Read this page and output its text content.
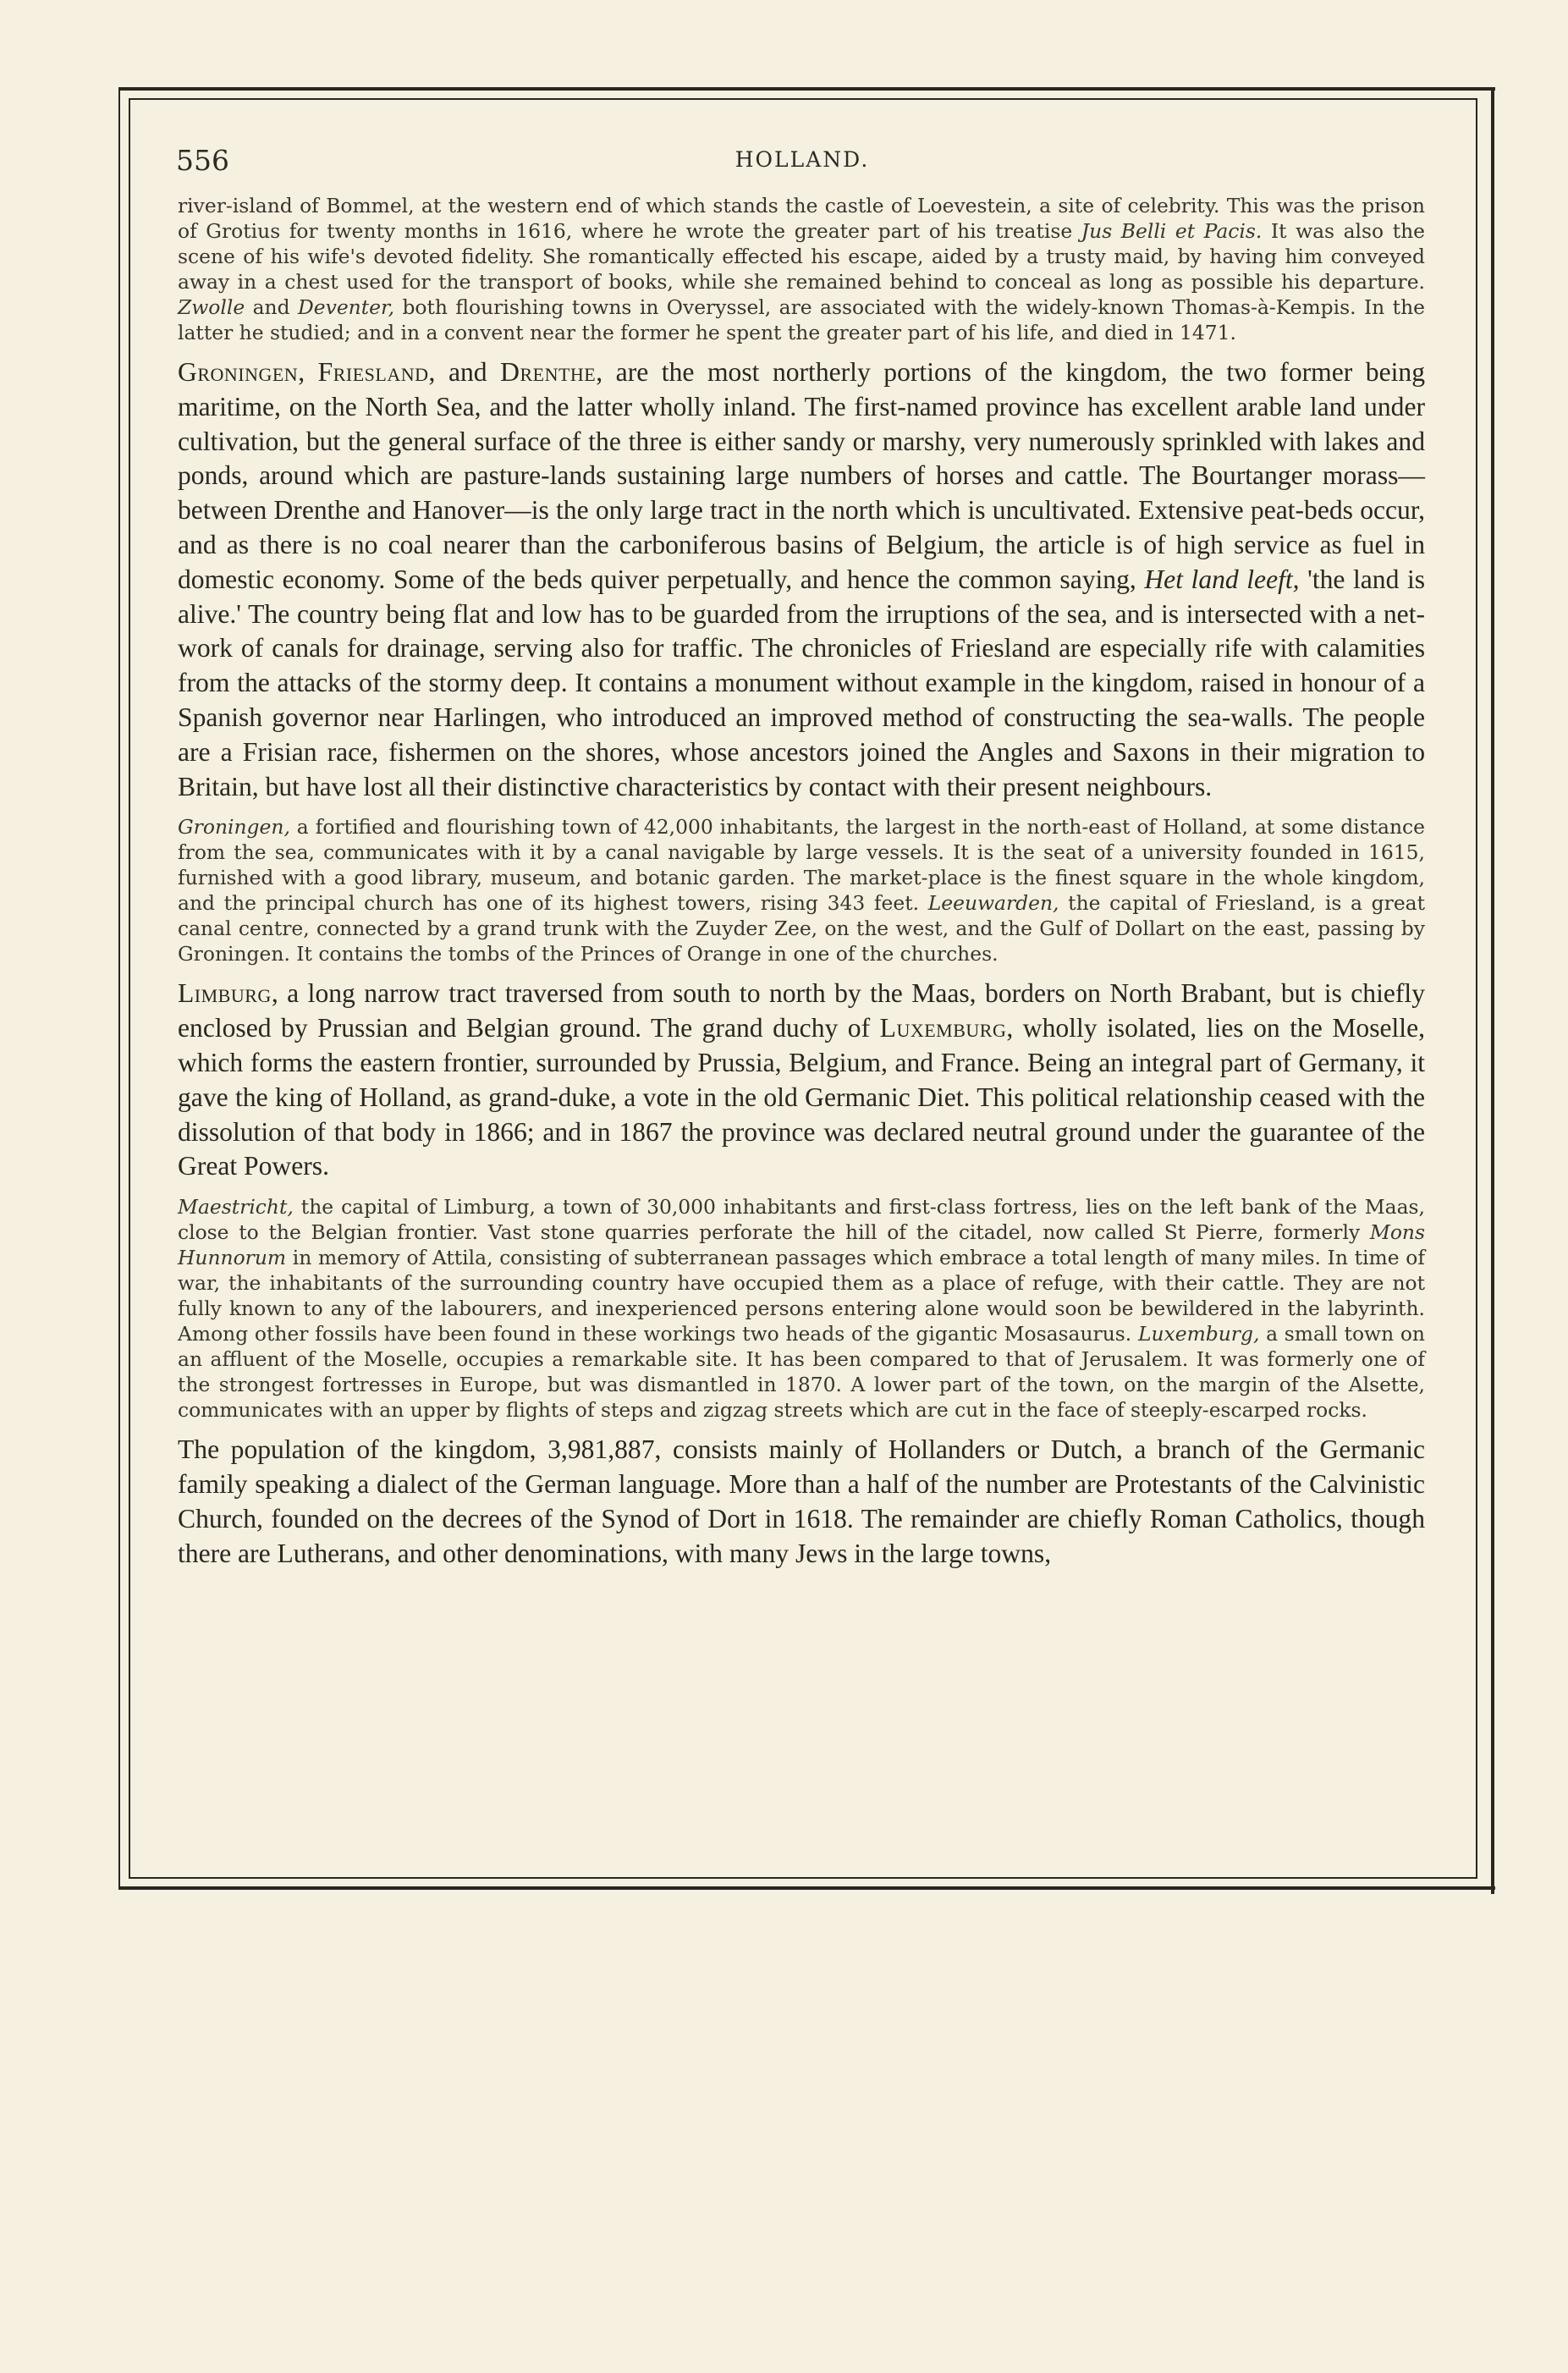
556	HOLLAND.

river-island of Bommel, at the western end of which stands the castle of Loevestein, a site of celebrity. This was the prison of Grotius for twenty months in 1616, where he wrote the greater part of his treatise Jus Belli et Pacis. It was also the scene of his wife's devoted fidelity. She romantically effected his escape, aided by a trusty maid, by having him conveyed away in a chest used for the transport of books, while she remained behind to conceal as long as possible his departure. Zwolle and Deventer, both flourishing towns in Overyssel, are associated with the widely-known Thomas-à-Kempis. In the latter he studied; and in a convent near the former he spent the greater part of his life, and died in 1471.

Groningen, Friesland, and Drenthe, are the most northerly portions of the kingdom, the two former being maritime, on the North Sea, and the latter wholly inland. The first-named province has excellent arable land under cultivation, but the general surface of the three is either sandy or marshy, very numerously sprinkled with lakes and ponds, around which are pasture-lands sustaining large numbers of horses and cattle. The Bourtanger morass—between Drenthe and Hanover—is the only large tract in the north which is uncultivated. Extensive peat-beds occur, and as there is no coal nearer than the carboniferous basins of Belgium, the article is of high service as fuel in domestic economy. Some of the beds quiver perpetually, and hence the common saying, Het land leeft, 'the land is alive.' The country being flat and low has to be guarded from the irruptions of the sea, and is intersected with a net-work of canals for drainage, serving also for traffic. The chronicles of Friesland are especially rife with calamities from the attacks of the stormy deep. It contains a monument without example in the kingdom, raised in honour of a Spanish governor near Harlingen, who introduced an improved method of constructing the sea-walls. The people are a Frisian race, fishermen on the shores, whose ancestors joined the Angles and Saxons in their migration to Britain, but have lost all their distinctive characteristics by contact with their present neighbours.

Groningen, a fortified and flourishing town of 42,000 inhabitants, the largest in the north-east of Holland, at some distance from the sea, communicates with it by a canal navigable by large vessels. It is the seat of a university founded in 1615, furnished with a good library, museum, and botanic garden. The market-place is the finest square in the whole kingdom, and the principal church has one of its highest towers, rising 343 feet. Leeuwarden, the capital of Friesland, is a great canal centre, connected by a grand trunk with the Zuyder Zee, on the west, and the Gulf of Dollart on the east, passing by Groningen. It contains the tombs of the Princes of Orange in one of the churches.

Limburg, a long narrow tract traversed from south to north by the Maas, borders on North Brabant, but is chiefly enclosed by Prussian and Belgian ground. The grand duchy of Luxemburg, wholly isolated, lies on the Moselle, which forms the eastern frontier, surrounded by Prussia, Belgium, and France. Being an integral part of Germany, it gave the king of Holland, as grand-duke, a vote in the old Germanic Diet. This political relationship ceased with the dissolution of that body in 1866; and in 1867 the province was declared neutral ground under the guarantee of the Great Powers.

Maestricht, the capital of Limburg, a town of 30,000 inhabitants and first-class fortress, lies on the left bank of the Maas, close to the Belgian frontier. Vast stone quarries perforate the hill of the citadel, now called St Pierre, formerly Mons Hunnorum in memory of Attila, consisting of subterranean passages which embrace a total length of many miles. In time of war, the inhabitants of the surrounding country have occupied them as a place of refuge, with their cattle. They are not fully known to any of the labourers, and inexperienced persons entering alone would soon be bewildered in the labyrinth. Among other fossils have been found in these workings two heads of the gigantic Mosasaurus. Luxemburg, a small town on an affluent of the Moselle, occupies a remarkable site. It has been compared to that of Jerusalem. It was formerly one of the strongest fortresses in Europe, but was dismantled in 1870. A lower part of the town, on the margin of the Alsette, communicates with an upper by flights of steps and zigzag streets which are cut in the face of steeply-escarped rocks.

The population of the kingdom, 3,981,887, consists mainly of Hollanders or Dutch, a branch of the Germanic family speaking a dialect of the German language. More than a half of the number are Protestants of the Calvinistic Church, founded on the decrees of the Synod of Dort in 1618. The remainder are chiefly Roman Catholics, though there are Lutherans, and other denominations, with many Jews in the large towns,
